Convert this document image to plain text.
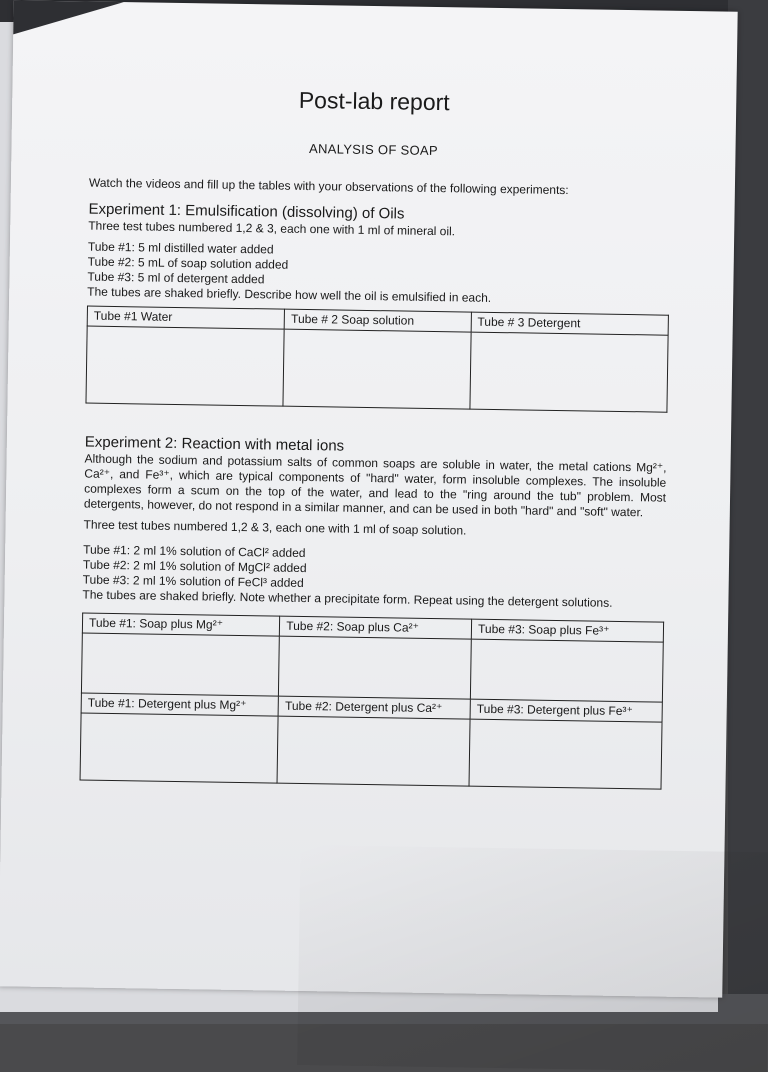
Post-lab report
ANALYSIS OF SOAP

Watch the videos and fill up the tables with your observations of the following experiments:

Experiment 1: Emulsification (dissolving) of Oils

Three test tubes numbered 1,2 & 3, each one with 1 ml of mineral oil.

Tube #1: 5 ml distilled water added

Tube #2: 5 mL of soap solution added

Tube #3: 5 ml of detergent added

The tubes are shaked briefly. Describe how well the oil is emulsified in each.

Tube #1 Water	Tube # 2 Soap solution	Tube # 3 Detergent

Experiment 2: Reaction with metal ions

Although the sodium and potassium salts of common soaps are soluble in water, the metal cations Mg²⁺, Ca²⁺, and Fe³⁺, which are typical components of "hard" water, form insoluble complexes. The insoluble complexes form a scum on the top of the water, and lead to the "ring around the tub" problem. Most detergents, however, do not respond in a similar manner, and can be used in both "hard" and "soft" water.

Three test tubes numbered 1,2 & 3, each one with 1 ml of soap solution.

Tube #1: 2 ml 1% solution of CaCl² added

Tube #2: 2 ml 1% solution of MgCl² added

Tube #3: 2 ml 1% solution of FeCl³ added

The tubes are shaked briefly. Note whether a precipitate form. Repeat using the detergent solutions.

Tube #1: Soap plus Mg²⁺	Tube #2: Soap plus Ca²⁺	Tube #3: Soap plus Fe³⁺

Tube #1: Detergent plus Mg²⁺	Tube #2: Detergent plus Ca²⁺	Tube #3: Detergent plus Fe³⁺
